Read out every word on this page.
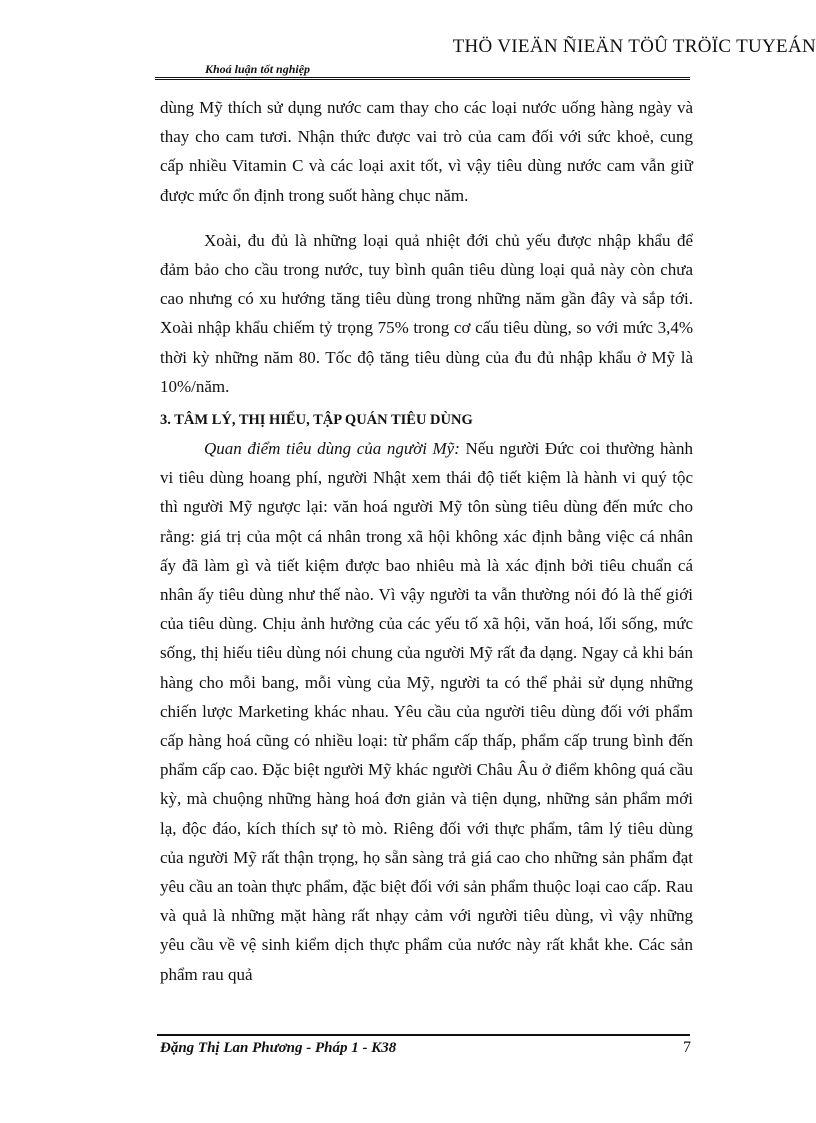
THÖ VIEÄN ÑIEÄN TÖÛ TRÖÏC TUYEÁN
Khoá luận tốt nghiệp

dùng Mỹ thích sử dụng nước cam thay cho các loại nước uống hàng ngày và thay cho cam tươi. Nhận thức được vai trò của cam đối với sức khoẻ, cung cấp nhiều Vitamin C và các loại axit tốt, vì vậy tiêu dùng nước cam vẫn giữ được mức ổn định trong suốt hàng chục năm.

Xoài, đu đủ là những loại quả nhiệt đới chủ yếu được nhập khẩu để đảm bảo cho cầu trong nước, tuy bình quân tiêu dùng loại quả này còn chưa cao nhưng có xu hướng tăng tiêu dùng trong những năm gần đây và sắp tới. Xoài nhập khẩu chiếm tỷ trọng 75% trong cơ cấu tiêu dùng, so với mức 3,4% thời kỳ những năm 80. Tốc độ tăng tiêu dùng của đu đủ nhập khẩu ở Mỹ là 10%/năm.

3. TÂM LÝ, THỊ HIẾU, TẬP QUÁN TIÊU DÙNG

Quan điểm tiêu dùng của người Mỹ: Nếu người Đức coi thường hành vi tiêu dùng hoang phí, người Nhật xem thái độ tiết kiệm là hành vi quý tộc thì người Mỹ ngược lại: văn hoá người Mỹ tôn sùng tiêu dùng đến mức cho rằng: giá trị của một cá nhân trong xã hội không xác định bằng việc cá nhân ấy đã làm gì và tiết kiệm được bao nhiêu mà là xác định bởi tiêu chuẩn cá nhân ấy tiêu dùng như thế nào. Vì vậy người ta vẫn thường nói đó là thế giới của tiêu dùng. Chịu ảnh hưởng của các yếu tố xã hội, văn hoá, lối sống, mức sống, thị hiếu tiêu dùng nói chung của người Mỹ rất đa dạng. Ngay cả khi bán hàng cho mỗi bang, mỗi vùng của Mỹ, người ta có thể phải sử dụng những chiến lược Marketing khác nhau. Yêu cầu của người tiêu dùng đối với phẩm cấp hàng hoá cũng có nhiều loại: từ phẩm cấp thấp, phẩm cấp trung bình đến phẩm cấp cao. Đặc biệt người Mỹ khác người Châu Âu ở điểm không quá cầu kỳ, mà chuộng những hàng hoá đơn giản và tiện dụng, những sản phẩm mới lạ, độc đáo, kích thích sự tò mò. Riêng đối với thực phẩm, tâm lý tiêu dùng của người Mỹ rất thận trọng, họ sẵn sàng trả giá cao cho những sản phẩm đạt yêu cầu an toàn thực phẩm, đặc biệt đối với sản phẩm thuộc loại cao cấp. Rau và quả là những mặt hàng rất nhạy cảm với người tiêu dùng, vì vậy những yêu cầu về vệ sinh kiểm dịch thực phẩm của nước này rất khắt khe. Các sản phẩm rau quả

Đặng Thị Lan Phương - Pháp 1 - K38	7
